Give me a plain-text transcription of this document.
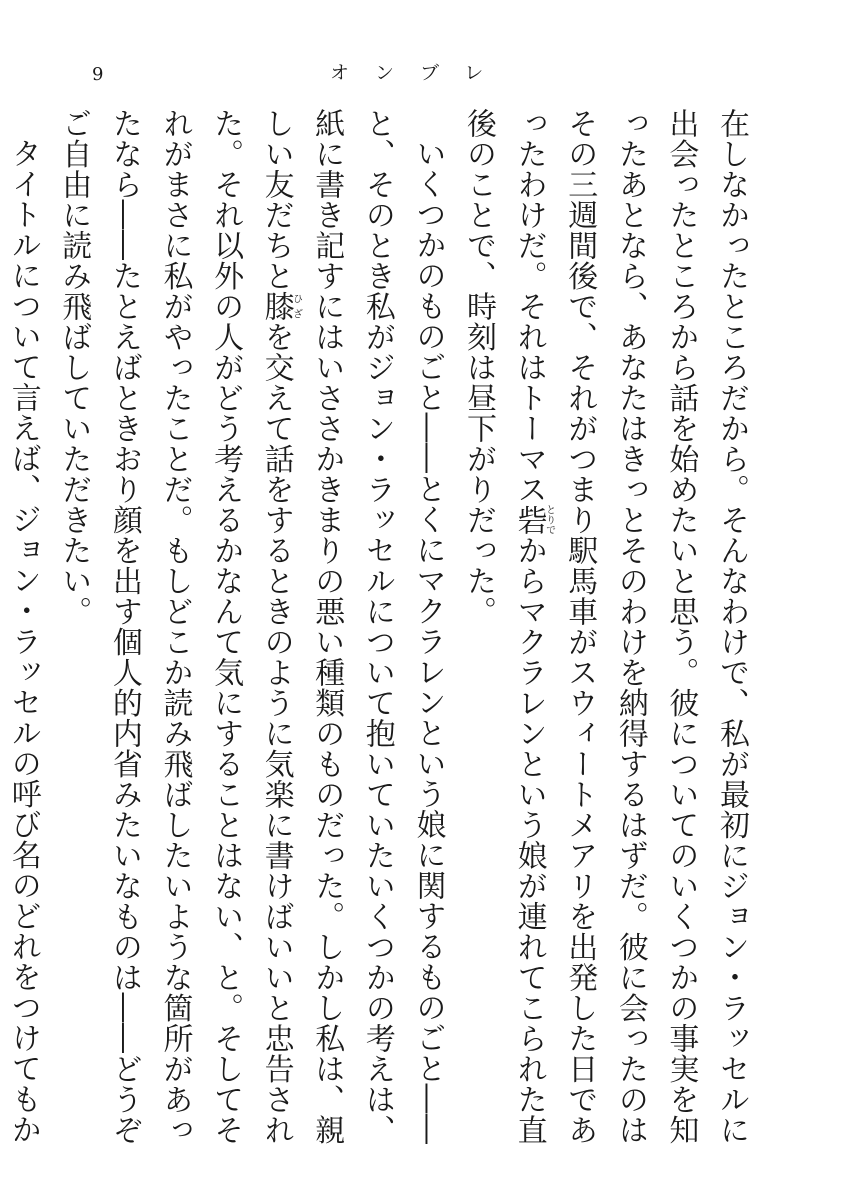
9	オンブレ

在しなかったところだから。そんなわけで、私が最初にジョン・ラッセルに出会ったところから話を始めたいと思う。彼についてのいくつかの事実を知ったあとなら、あなたはきっとそのわけを納得するはずだ。彼に会ったのはその三週間後で、それがつまり駅馬車がスウィートメアリを出発した日であったわけだ。それはトーマス砦とりでからマクラレンという娘が連れてこられた直後のことで、時刻は昼下がりだった。

いくつかのものごと――とくにマクラレンという娘に関するものごと――と、そのとき私がジョン・ラッセルについて抱いていたいくつかの考えは、紙に書き記すにはいささかきまりの悪い種類のものだった。しかし私は、親しい友だちと膝ひざを交えて話をするときのように気楽に書けばいいと忠告された。それ以外の人がどう考えるかなんて気にすることはない、と。そしてそれがまさに私がやったことだ。もしどこか読み飛ばしたいような箇所があったなら――たとえばときおり顔を出す個人的内省みたいなものは――どうぞご自由に読み飛ばしていただきたい。

タイトルについて言えば、ジョン・ラッセルの呼び名のどれをつけてもか
